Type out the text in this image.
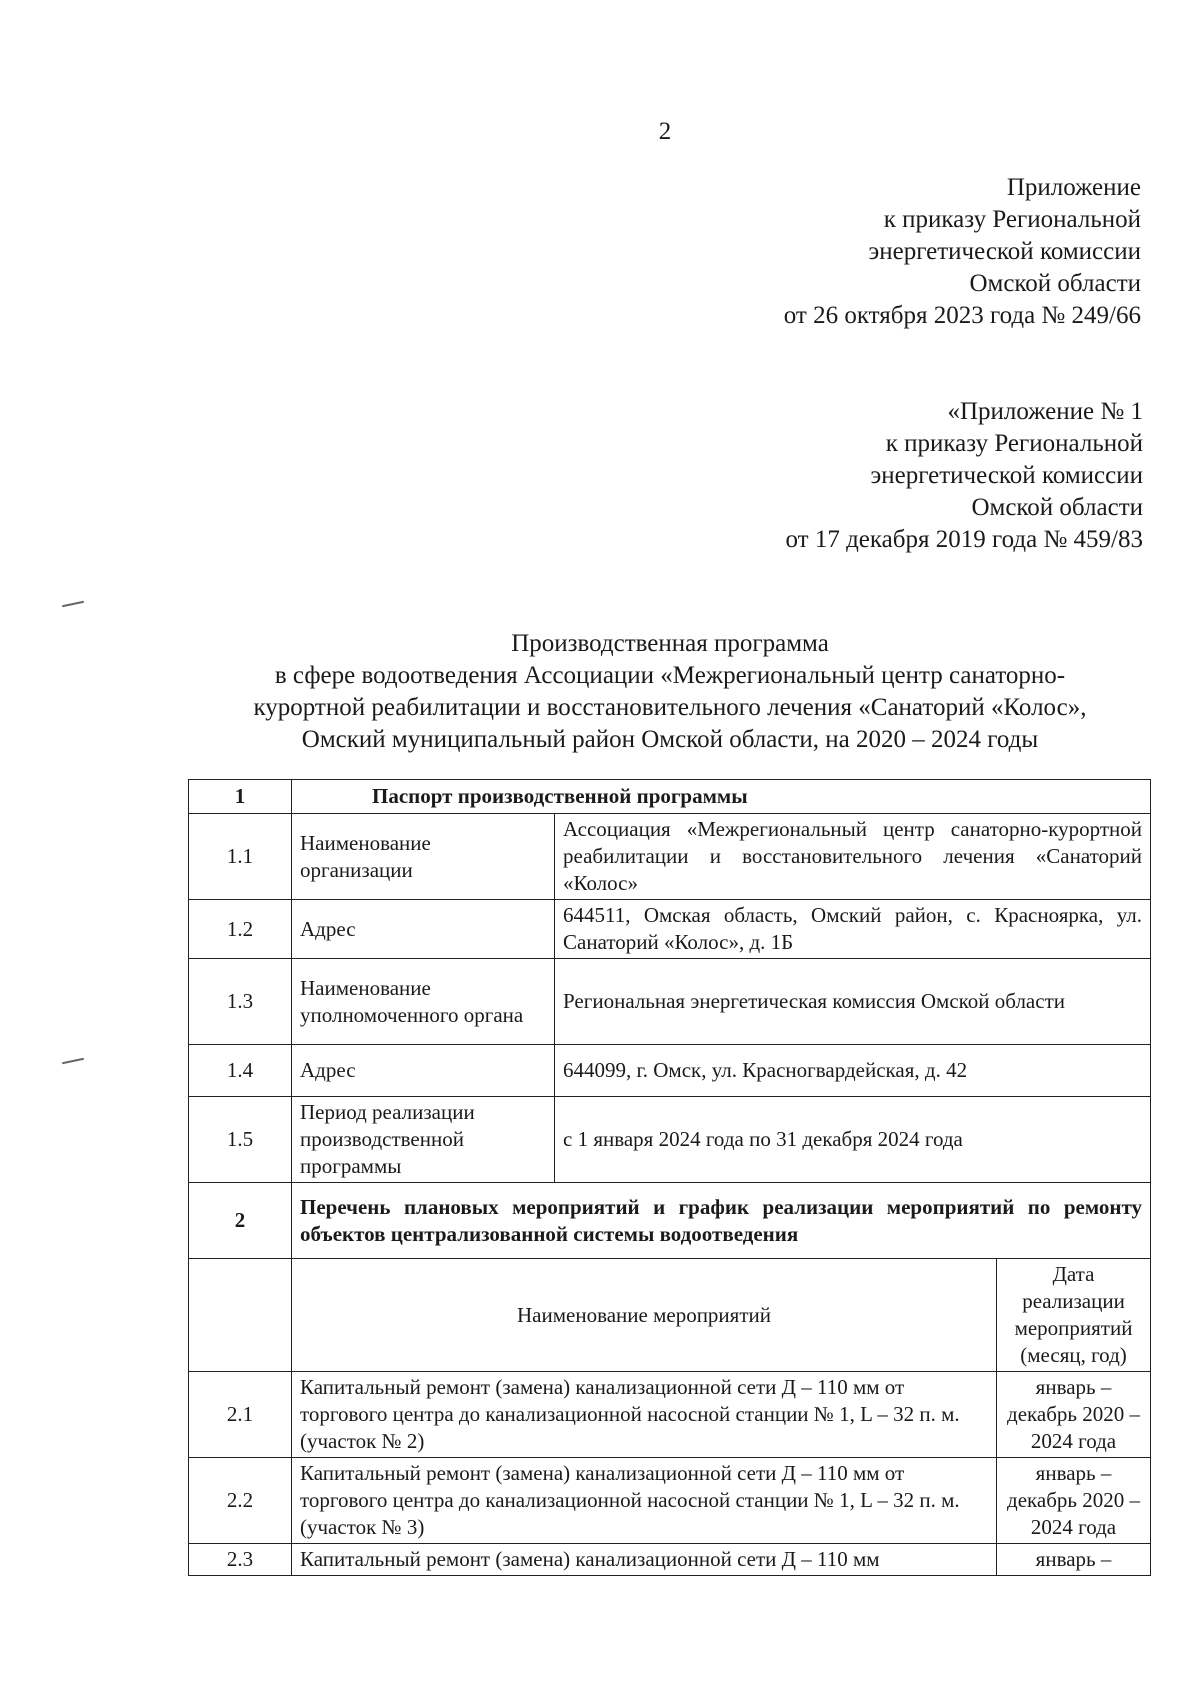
2
Приложение
к приказу Региональной
энергетической комиссии
Омской области
от 26 октября 2023 года № 249/66
«Приложение № 1
к приказу Региональной
энергетической комиссии
Омской области
от 17 декабря 2019 года № 459/83
Производственная программа
в сфере водоотведения Ассоциации «Межрегиональный центр санаторно-
курортной реабилитации и восстановительного лечения «Санаторий «Колос»,
Омский муниципальный район Омской области, на 2020 – 2024 годы
1	Паспорт производственной программы		
1.1	Наименование организации	Ассоциация «Межрегиональный центр санаторно-курортной реабилитации и восстановительного лечения «Санаторий «Колос»	
1.2	Адрес	644511, Омская область, Омский район, с. Красноярка, ул. Санаторий «Колос», д. 1Б	
1.3	Наименование уполномоченного органа	Региональная энергетическая комиссия Омской области	
1.4	Адрес	644099, г. Омск, ул. Красногвардейская, д. 42	
1.5	Период реализации производственной программы	с 1 января 2024 года по 31 декабря 2024 года	
2	Перечень плановых мероприятий и график реализации мероприятий по ремонту объектов централизованной системы водоотведения		
	Наименование мероприятий		Дата реализации мероприятий (месяц, год)
2.1	Капитальный ремонт (замена) канализационной сети Д – 110 мм от торгового центра до канализационной насосной станции № 1, L – 32 п. м. (участок № 2)		январь – декабрь 2020 – 2024 года
2.2	Капитальный ремонт (замена) канализационной сети Д – 110 мм от торгового центра до канализационной насосной станции № 1, L – 32 п. м. (участок № 3)		январь – декабрь 2020 – 2024 года
2.3	Капитальный ремонт (замена) канализационной сети Д – 110 мм		январь –
